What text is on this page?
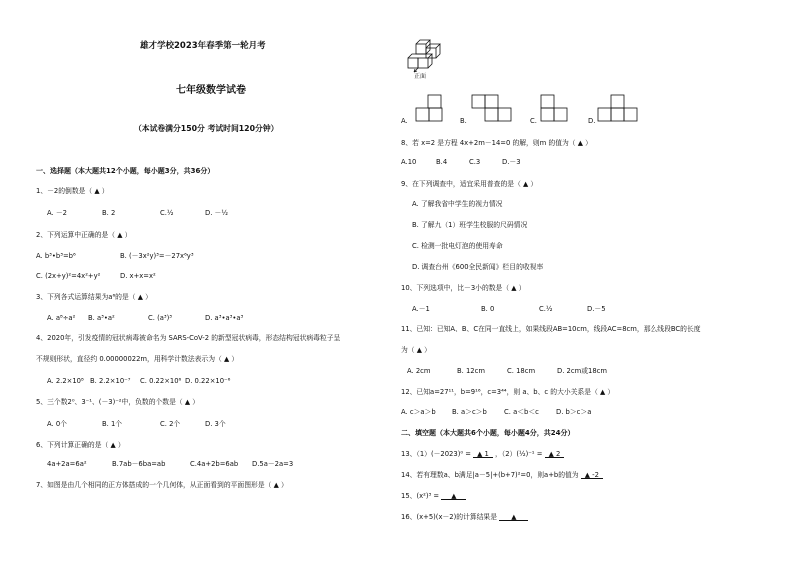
雄才学校2023年春季第一轮月考
七年级数学试卷
（本试卷满分150分 考试时间120分钟）
一、选择题（本大题共12个小题，每小题3分，共36分）
1、－2的倒数是（ ▲ ）
A. －2	B. 2	C.½	D. －½
2、下列运算中正确的是（ ▲ ）
A. b³•b³=b⁶	B. (－3x²y)³=－27x⁶y³
C. (2x+y)²=4x²+y²	D. x+x=x²
3、下列各式运算结果为a⁶的是（ ▲ ）
A. a⁸÷a² B. a³•a²	C. (a³)³	D. a³•a³•a³
4、2020年，引发疫情的冠状病毒被命名为 SARS-CoV-2 的新型冠状病毒，形态结构冠状病毒粒子呈
不规则形状，直径约 0.00000022m，用科学计数法表示为（ ▲ ）
A. 2.2×10⁸ B. 2.2×10⁻⁷ C. 0.22×10⁶ D. 0.22×10⁻⁶
5、三个数2⁰、3⁻¹、(－3)⁻²中，负数的个数是（ ▲ ）
A. 0个	B. 1个	C. 2个	D. 3个
6、下列计算正确的是（ ▲ ）
4a+2a=6a²	B.7ab－6ba=ab	C.4a+2b=6ab D.5a－2a=3
7、如图是由几个相同的正方体搭成的一个几何体，从正面看到的平面图形是（ ▲ ）
正面
A.	B.	C.	D.
8、若 x=2 是方程 4x+2m－14=0 的解，则m 的值为（ ▲ ）
A.10	B.4	C.3	D.－3
9、在下列调查中，适宜采用普查的是（ ▲ ）
A. 了解我省中学生的视力情况
B. 了解九（1）班学生校服的尺码情况
C. 检测一批电灯泡的使用寿命
D. 调查台州《600全民新闻》栏目的收视率
10、下列选项中，比－3小的数是（ ▲ ）
A.－1	B. 0	C.½	D.－5
11、已知：已知A、B、C在同一直线上，如果线段AB=10cm，线段AC=8cm，那么线段BC的长度
为（ ▲ ）
A. 2cm	B. 12cm	C. 18cm	D. 2cm或18cm
12、已知a=27¹¹，b=9¹⁶，c=3⁴⁴，则 a、b、c 的大小关系是（ ▲ ）
A. c＞a＞b B. a＞c＞b	C. a＜b＜c	D. b＞c＞a
二、填空题（本大题共6个小题，每小题4分，共24分）
13、（1）(－2023)⁰ = ▲ 1 ，（2）(½)⁻¹ = ▲ 2
14、若有理数a、b满足|a－5|+(b+7)²=0，则a+b的值为 ▲ -2
15、(x²)³ = ▲
16、(x+5)(x－2)的计算结果是 ▲
